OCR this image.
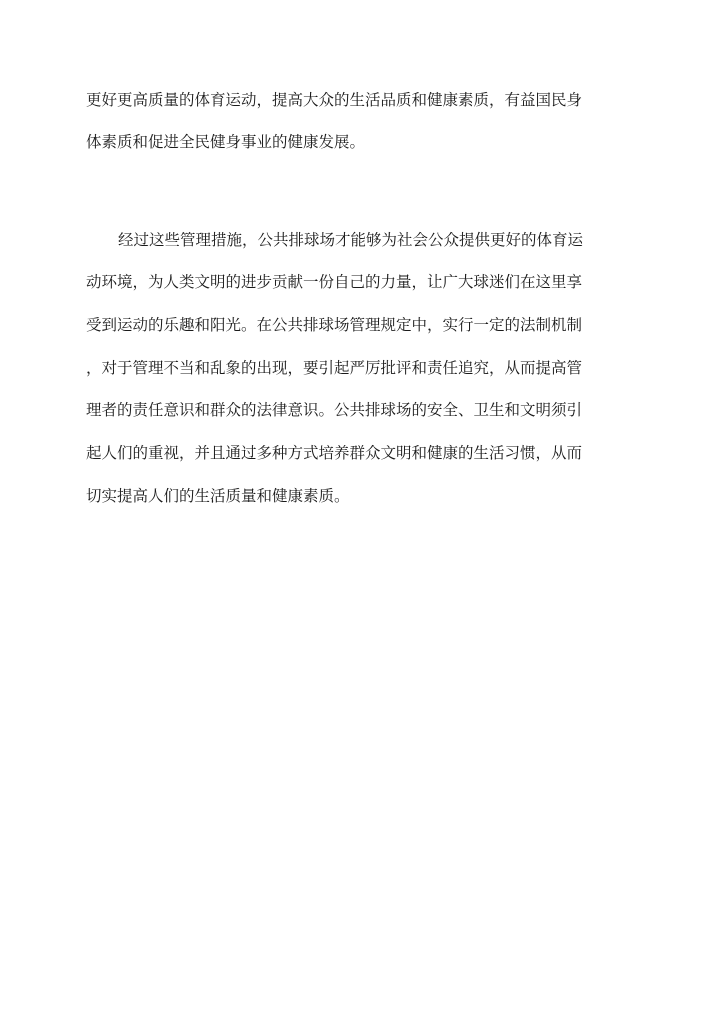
更好更高质量的体育运动，提高大众的生活品质和健康素质，有益国民身
体素质和促进全民健身事业的健康发展。
经过这些管理措施，公共排球场才能够为社会公众提供更好的体育运
动环境，为人类文明的进步贡献一份自己的力量，让广大球迷们在这里享
受到运动的乐趣和阳光。在公共排球场管理规定中，实行一定的法制机制
，对于管理不当和乱象的出现，要引起严厉批评和责任追究，从而提高管
理者的责任意识和群众的法律意识。公共排球场的安全、卫生和文明须引
起人们的重视，并且通过多种方式培养群众文明和健康的生活习惯，从而
切实提高人们的生活质量和健康素质。
